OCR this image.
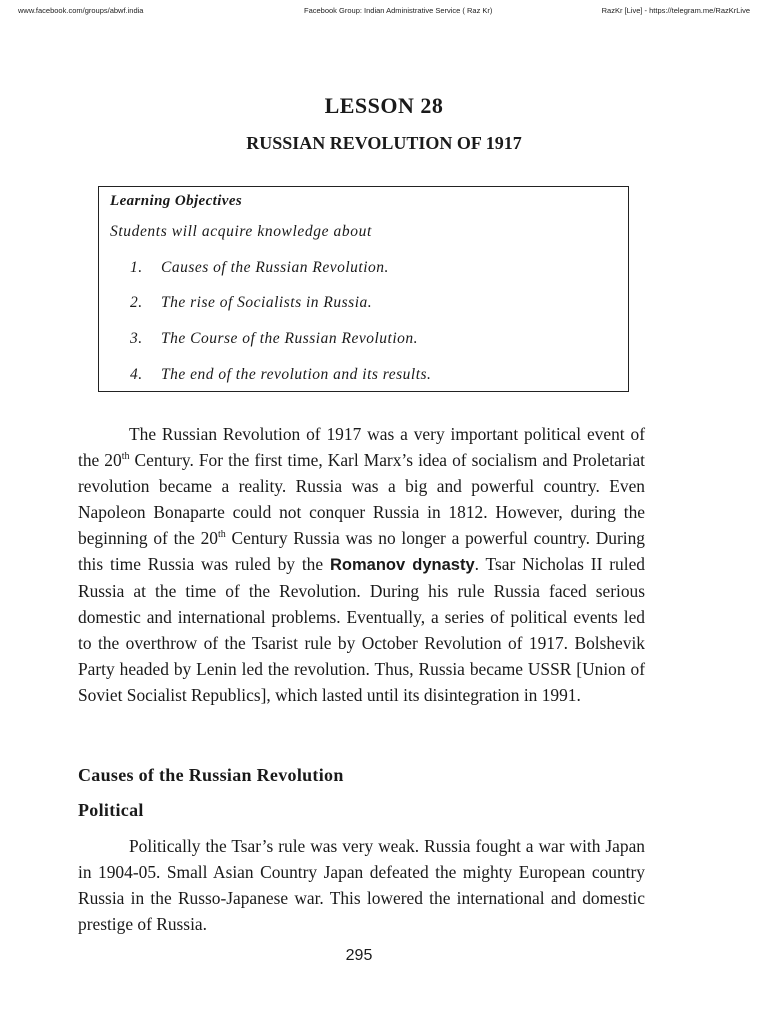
www.facebook.com/groups/abwf.india	Facebook Group: Indian Administrative Service ( Raz Kr)	RazKr [Live] - https://telegram.me/RazKrLive
LESSON 28
RUSSIAN REVOLUTION OF 1917
Learning Objectives
Students will acquire knowledge about
1. Causes of the Russian Revolution.
2. The rise of Socialists in Russia.
3. The Course of the Russian Revolution.
4. The end of the revolution and its results.

The Russian Revolution of 1917 was a very important political event of the 20th Century. For the first time, Karl Marx’s idea of socialism and Proletariat revolution became a reality. Russia was a big and powerful country. Even Napoleon Bonaparte could not conquer Russia in 1812. However, during the beginning of the 20th Century Russia was no longer a powerful country. During this time Russia was ruled by the Romanov dynasty. Tsar Nicholas II ruled Russia at the time of the Revolution. During his rule Russia faced serious domestic and international problems. Eventually, a series of political events led to the overthrow of the Tsarist rule by October Revolution of 1917. Bolshevik Party headed by Lenin led the revolution. Thus, Russia became USSR [Union of Soviet Socialist Republics], which lasted until its disintegration in 1991.

Causes of the Russian Revolution
Political

Politically the Tsar’s rule was very weak. Russia fought a war with Japan in 1904-05. Small Asian Country Japan defeated the mighty European country Russia in the Russo-Japanese war. This lowered the international and domestic prestige of Russia.

295
